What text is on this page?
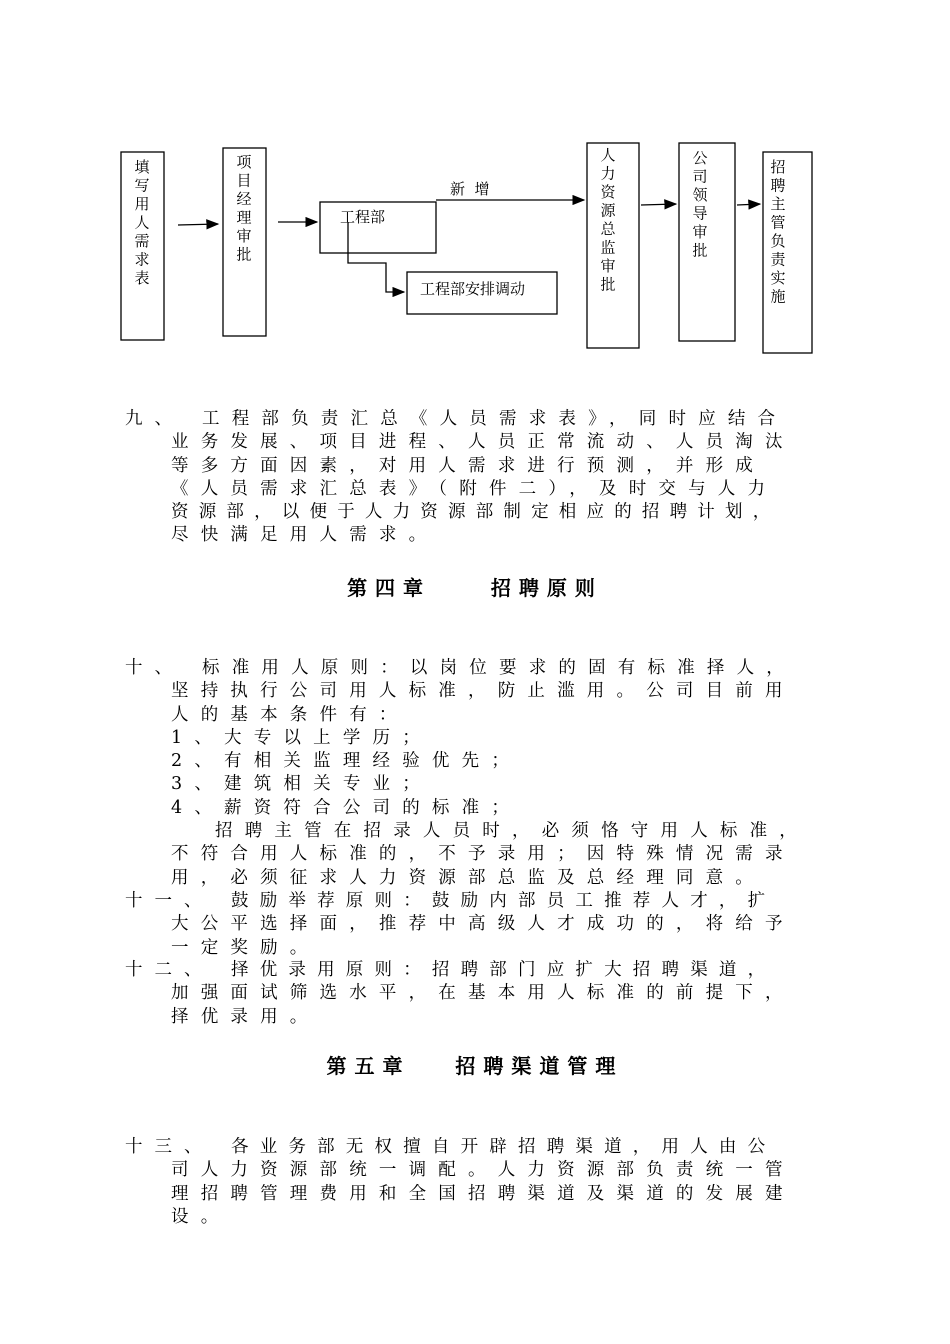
填写用人需求表
项目经理审批
工程部
新  增
工程部安排调动
人力资源总监审批
公司领导审批
招聘主管负责实施
九、 工程部负责汇总《人员需求表》，同时应结合
业务发展、项目进程、人员正常流动、人员淘汰
等多方面因素，对用人需求进行预测，并形成
《人员需求汇总表》（附件二），及时交与人力
资源部，以便于人力资源部制定相应的招聘计划，
尽快满足用人需求。
第四章    招聘原则
十、 标准用人原则：以岗位要求的固有标准择人，
坚持执行公司用人标准，防止滥用。公司目前用
人的基本条件有：
1、大专以上学历；
2、有相关监理经验优先；
3、建筑相关专业；
4、薪资符合公司的标准；
招聘主管在招录人员时，必须恪守用人标准，
不符合用人标准的，不予录用；因特殊情况需录
用，必须征求人力资源部总监及总经理同意。
十一、 鼓励举荐原则：鼓励内部员工推荐人才，扩
大公平选择面，推荐中高级人才成功的，将给予
一定奖励。
十二、 择优录用原则：招聘部门应扩大招聘渠道，
加强面试筛选水平，在基本用人标准的前提下，
择优录用。
第五章   招聘渠道管理
十三、 各业务部无权擅自开辟招聘渠道，用人由公
司人力资源部统一调配。人力资源部负责统一管
理招聘管理费用和全国招聘渠道及渠道的发展建
设。
